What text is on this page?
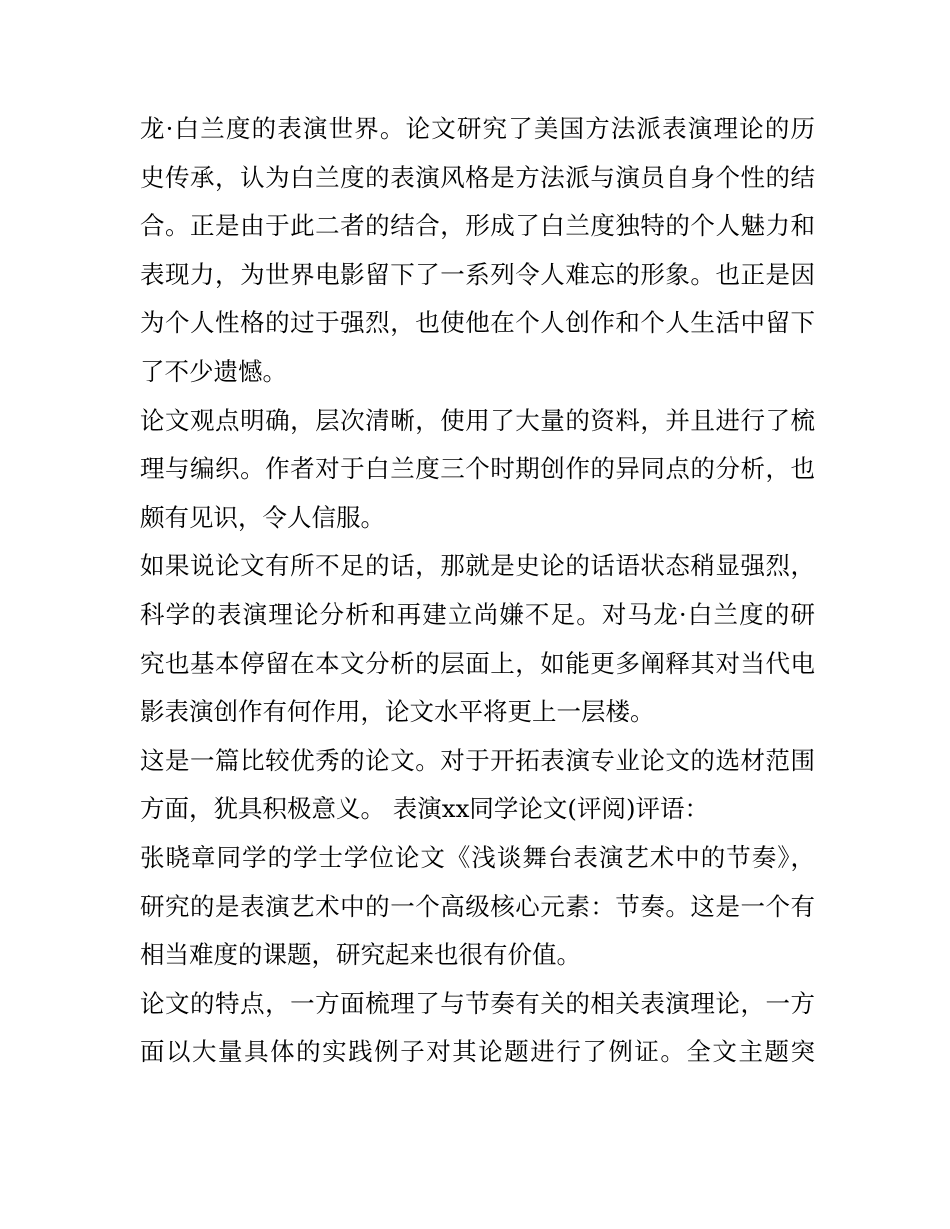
龙·白兰度的表演世界。论文研究了美国方法派表演理论的历
史传承，认为白兰度的表演风格是方法派与演员自身个性的结
合。正是由于此二者的结合，形成了白兰度独特的个人魅力和
表现力，为世界电影留下了一系列令人难忘的形象。也正是因
为个人性格的过于强烈，也使他在个人创作和个人生活中留下
了不少遗憾。
论文观点明确，层次清晰，使用了大量的资料，并且进行了梳
理与编织。作者对于白兰度三个时期创作的异同点的分析，也
颇有见识，令人信服。
如果说论文有所不足的话，那就是史论的话语状态稍显强烈，
科学的表演理论分析和再建立尚嫌不足。对马龙·白兰度的研
究也基本停留在本文分析的层面上，如能更多阐释其对当代电
影表演创作有何作用，论文水平将更上一层楼。
这是一篇比较优秀的论文。对于开拓表演专业论文的选材范围
方面，犹具积极意义。 表演xx同学论文(评阅)评语：
张晓章同学的学士学位论文《浅谈舞台表演艺术中的节奏》，
研究的是表演艺术中的一个高级核心元素：节奏。这是一个有
相当难度的课题，研究起来也很有价值。
论文的特点，一方面梳理了与节奏有关的相关表演理论，一方
面以大量具体的实践例子对其论题进行了例证。全文主题突
